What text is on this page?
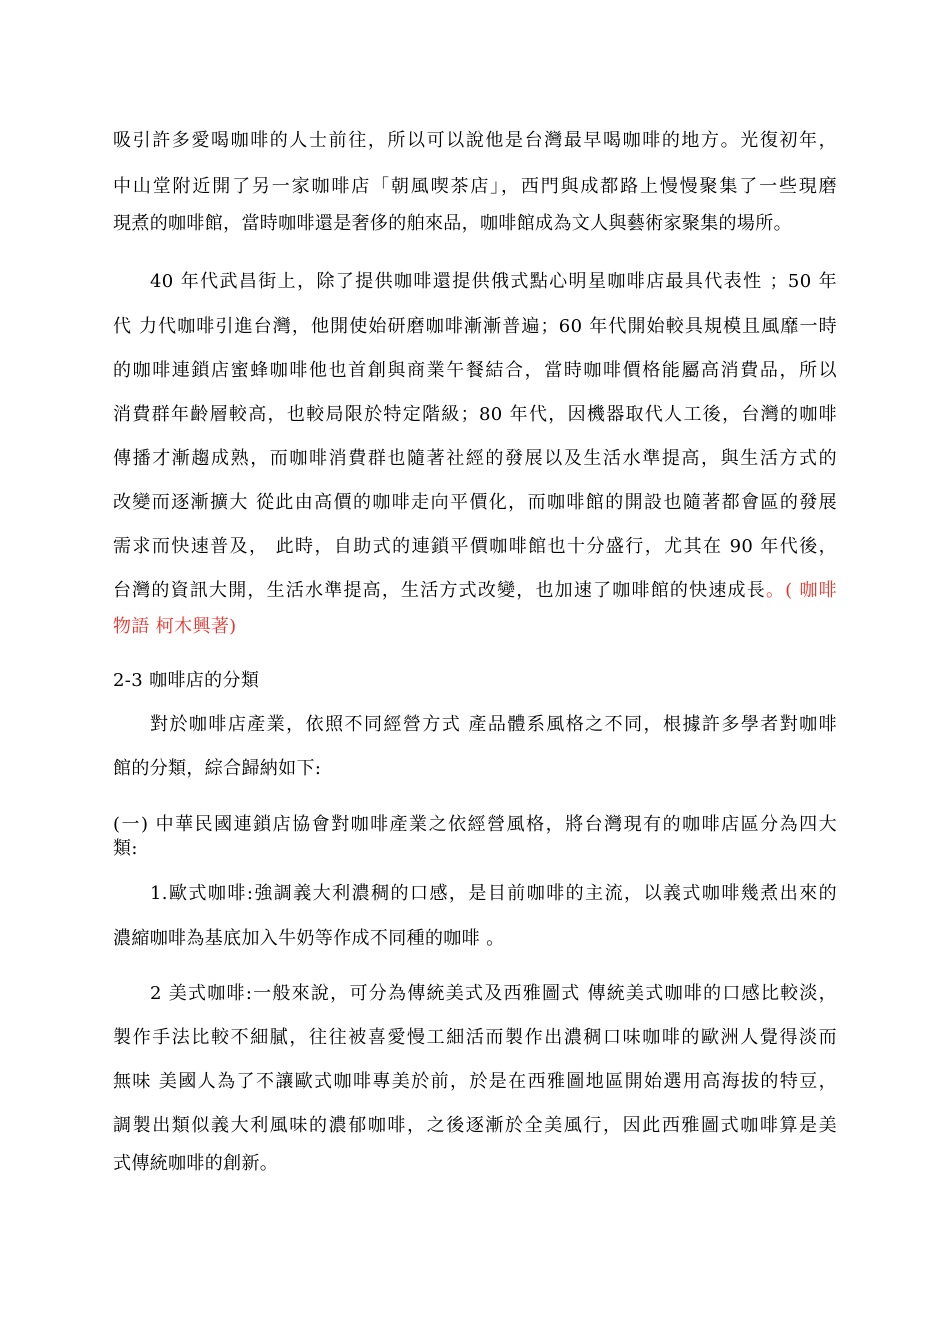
吸引許多愛喝咖啡的人士前往，所以可以說他是台灣最早喝咖啡的地方。光復初年，
中山堂附近開了另一家咖啡店「朝風喫茶店」，西門與成都路上慢慢聚集了一些現磨
現煮的咖啡館，當時咖啡還是奢侈的舶來品，咖啡館成為文人與藝術家聚集的場所。
40 年代武昌街上，除了提供咖啡還提供俄式點心明星咖啡店最具代表性 ；50 年
代 力代咖啡引進台灣，他開使始研磨咖啡漸漸普遍；60 年代開始較具規模且風靡一時
的咖啡連鎖店蜜蜂咖啡他也首創與商業午餐結合，當時咖啡價格能屬高消費品，所以
消費群年齡層較高，也較局限於特定階級；80 年代，因機器取代人工後，台灣的咖啡
傳播才漸趨成熟，而咖啡消費群也隨著社經的發展以及生活水準提高，與生活方式的
改變而逐漸擴大 從此由高價的咖啡走向平價化，而咖啡館的開設也隨著都會區的發展
需求而快速普及， 此時，自助式的連鎖平價咖啡館也十分盛行，尤其在 90 年代後，
台灣的資訊大開，生活水準提高，生活方式改變，也加速了咖啡館的快速成長。( 咖啡
物語 柯木興著)
2-3 咖啡店的分類
對於咖啡店產業，依照不同經營方式 產品體系風格之不同，根據許多學者對咖啡
館的分類，綜合歸納如下:
(一) 中華民國連鎖店協會對咖啡產業之依經營風格，將台灣現有的咖啡店區分為四大
類:
1.歐式咖啡:強調義大利濃稠的口感，是目前咖啡的主流，以義式咖啡幾煮出來的
濃縮咖啡為基底加入牛奶等作成不同種的咖啡 。
2 美式咖啡:一般來說，可分為傳統美式及西雅圖式 傳統美式咖啡的口感比較淡，
製作手法比較不細膩，往往被喜愛慢工細活而製作出濃稠口味咖啡的歐洲人覺得淡而
無味 美國人為了不讓歐式咖啡專美於前，於是在西雅圖地區開始選用高海拔的特豆，
調製出類似義大利風味的濃郁咖啡，之後逐漸於全美風行，因此西雅圖式咖啡算是美
式傳統咖啡的創新。
